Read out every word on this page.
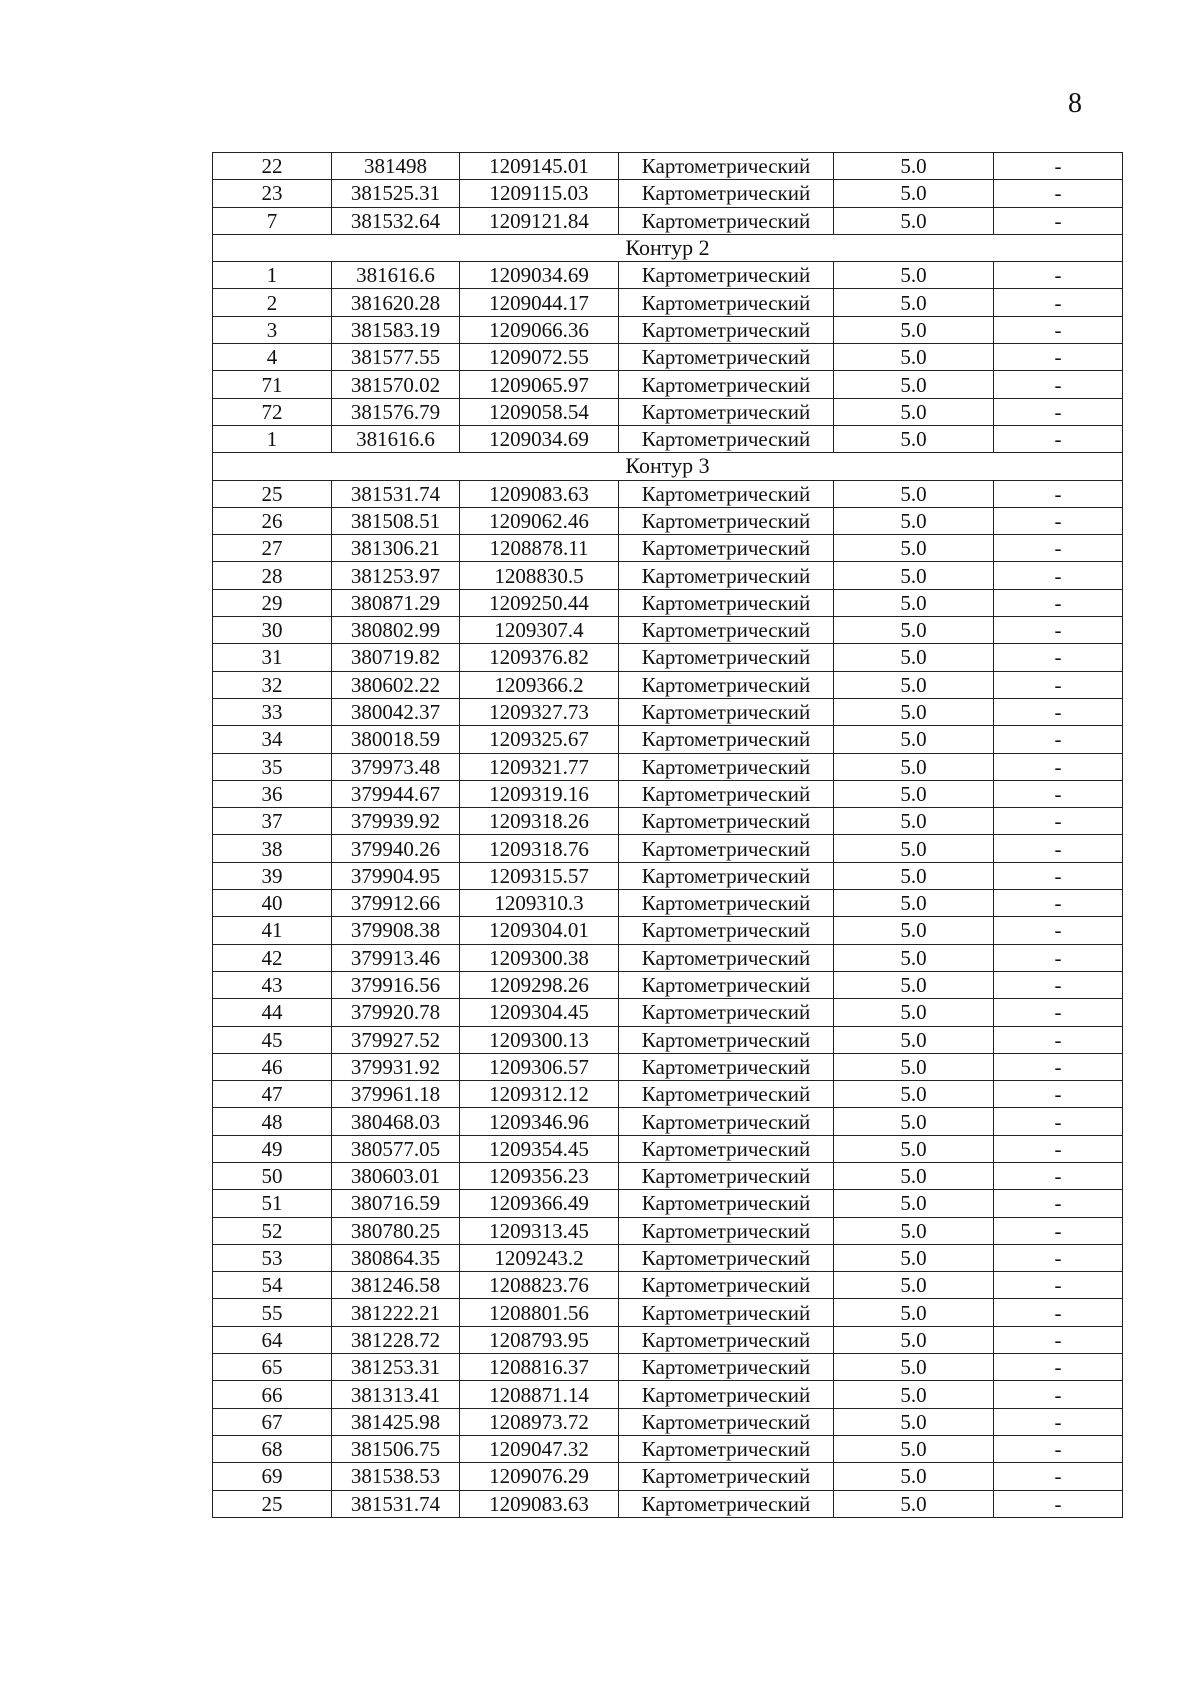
8
22	381498	1209145.01	Картометрический	5.0	-
23	381525.31	1209115.03	Картометрический	5.0	-
7	381532.64	1209121.84	Картометрический	5.0	-
Контур 2					
1	381616.6	1209034.69	Картометрический	5.0	-
2	381620.28	1209044.17	Картометрический	5.0	-
3	381583.19	1209066.36	Картометрический	5.0	-
4	381577.55	1209072.55	Картометрический	5.0	-
71	381570.02	1209065.97	Картометрический	5.0	-
72	381576.79	1209058.54	Картометрический	5.0	-
1	381616.6	1209034.69	Картометрический	5.0	-
Контур 3					
25	381531.74	1209083.63	Картометрический	5.0	-
26	381508.51	1209062.46	Картометрический	5.0	-
27	381306.21	1208878.11	Картометрический	5.0	-
28	381253.97	1208830.5	Картометрический	5.0	-
29	380871.29	1209250.44	Картометрический	5.0	-
30	380802.99	1209307.4	Картометрический	5.0	-
31	380719.82	1209376.82	Картометрический	5.0	-
32	380602.22	1209366.2	Картометрический	5.0	-
33	380042.37	1209327.73	Картометрический	5.0	-
34	380018.59	1209325.67	Картометрический	5.0	-
35	379973.48	1209321.77	Картометрический	5.0	-
36	379944.67	1209319.16	Картометрический	5.0	-
37	379939.92	1209318.26	Картометрический	5.0	-
38	379940.26	1209318.76	Картометрический	5.0	-
39	379904.95	1209315.57	Картометрический	5.0	-
40	379912.66	1209310.3	Картометрический	5.0	-
41	379908.38	1209304.01	Картометрический	5.0	-
42	379913.46	1209300.38	Картометрический	5.0	-
43	379916.56	1209298.26	Картометрический	5.0	-
44	379920.78	1209304.45	Картометрический	5.0	-
45	379927.52	1209300.13	Картометрический	5.0	-
46	379931.92	1209306.57	Картометрический	5.0	-
47	379961.18	1209312.12	Картометрический	5.0	-
48	380468.03	1209346.96	Картометрический	5.0	-
49	380577.05	1209354.45	Картометрический	5.0	-
50	380603.01	1209356.23	Картометрический	5.0	-
51	380716.59	1209366.49	Картометрический	5.0	-
52	380780.25	1209313.45	Картометрический	5.0	-
53	380864.35	1209243.2	Картометрический	5.0	-
54	381246.58	1208823.76	Картометрический	5.0	-
55	381222.21	1208801.56	Картометрический	5.0	-
64	381228.72	1208793.95	Картометрический	5.0	-
65	381253.31	1208816.37	Картометрический	5.0	-
66	381313.41	1208871.14	Картометрический	5.0	-
67	381425.98	1208973.72	Картометрический	5.0	-
68	381506.75	1209047.32	Картометрический	5.0	-
69	381538.53	1209076.29	Картометрический	5.0	-
25	381531.74	1209083.63	Картометрический	5.0	-
